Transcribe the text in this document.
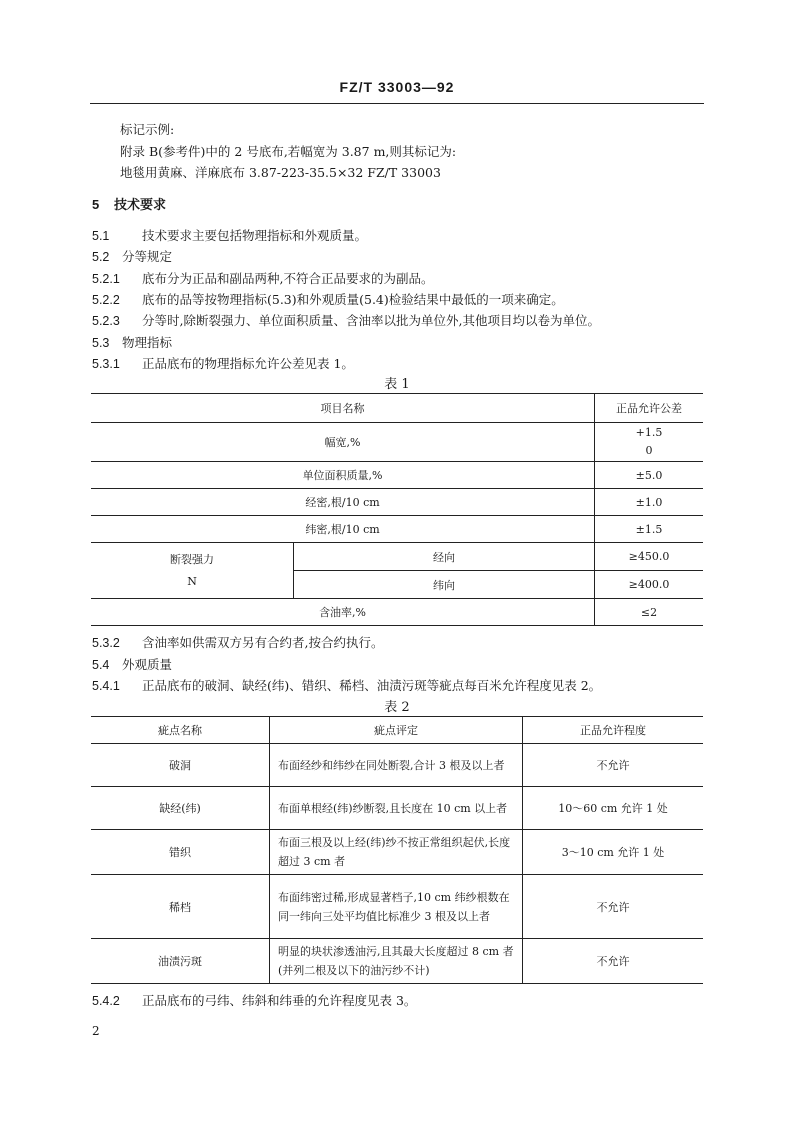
FZ/T 33003—92
标记示例:
附录 B(参考件)中的 2 号底布,若幅宽为 3.87 m,则其标记为:
地毯用黄麻、洋麻底布 3.87-223-35.5×32 FZ/T 33003
5 技术要求
5.1	技术要求主要包括物理指标和外观质量。
5.2 分等规定
5.2.1 底布分为正品和副品两种,不符合正品要求的为副品。
5.2.2 底布的品等按物理指标(5.3)和外观质量(5.4)检验结果中最低的一项来确定。
5.2.3 分等时,除断裂强力、单位面积质量、含油率以批为单位外,其他项目均以卷为单位。
5.3 物理指标
5.3.1 正品底布的物理指标允许公差见表 1。
表 1
项目名称		正品允许公差
幅宽,%		+1.5
0

单位面积质量,%		±5.0
经密,根/10 cm		±1.0
纬密,根/10 cm		±1.5

断裂强力
N	经向	≥450.0
	纬向	≥400.0
含油率,%		≤2
5.3.2 含油率如供需双方另有合约者,按合约执行。
5.4 外观质量
5.4.1 正品底布的破洞、缺经(纬)、错织、稀档、油渍污斑等疵点每百米允许程度见表 2。
表 2
疵点名称	疵点评定	正品允许程度
破洞	布面经纱和纬纱在同处断裂,合计 3 根及以上者	不允许
缺经(纬)	布面单根经(纬)纱断裂,且长度在 10 cm 以上者	10～60 cm 允许 1 处
错织	布面三根及以上经(纬)纱不按正常组织起伏,长度超过 3 cm 者	3～10 cm 允许 1 处
稀档	布面纬密过稀,形成显著档子,10 cm 纬纱根数在同一纬向三处平均值比标准少 3 根及以上者	不允许
油渍污斑	明显的块状渗透油污,且其最大长度超过 8 cm 者(并列二根及以下的油污纱不计)	不允许
5.4.2 正品底布的弓纬、纬斜和纬垂的允许程度见表 3。
2
